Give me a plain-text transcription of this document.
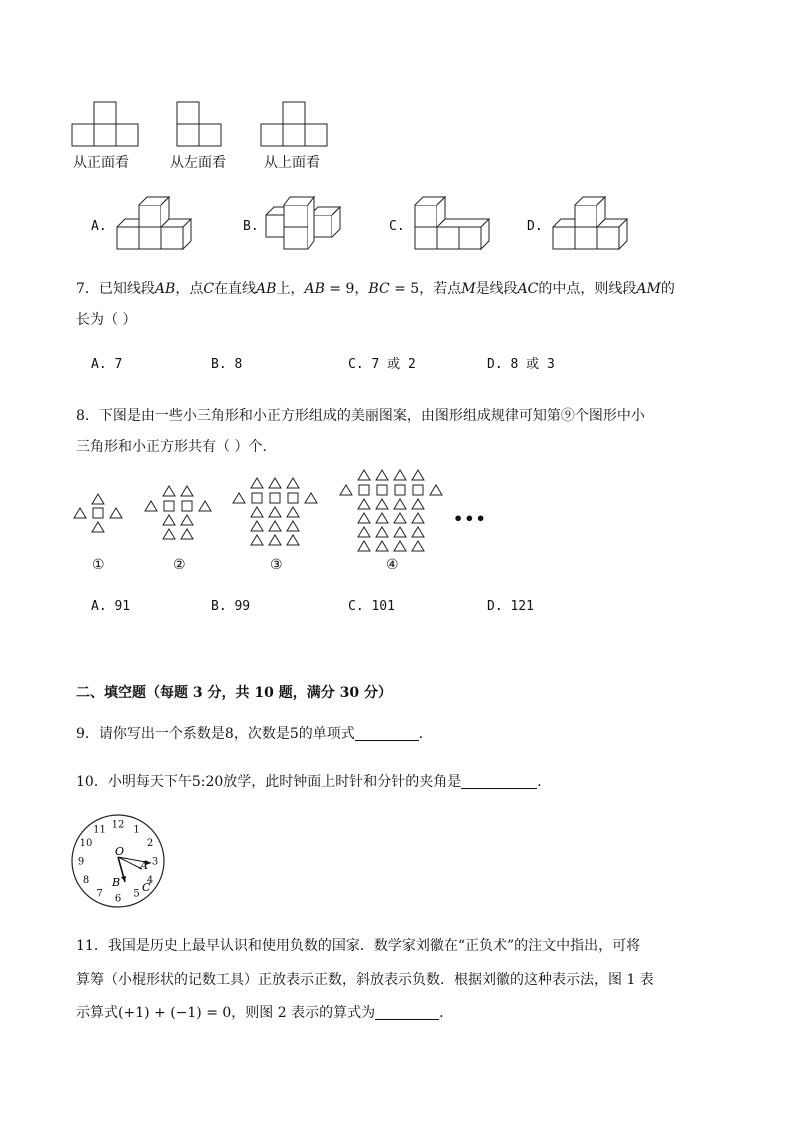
从正面看	从左面看	从上面看
A.	B.	C.	D.
7．已知线段AB，点C在直线AB上，AB = 9，BC = 5，若点M是线段AC的中点，则线段AM的
长为（ ）
A. 7	B. 8	C. 7 或 2	D. 8 或 3
8．下图是由一些小三角形和小正方形组成的美丽图案，由图形组成规律可知第⑨个图形中小
三角形和小正方形共有（ ）个．
•••
①	②	③	④
A. 91	B. 99	C. 101	D. 121
二、填空题（每题 3 分，共 10 题，满分 30 分）
9．请你写出一个系数是8，次数是5的单项式	．
10．小明每天下午5:20放学，此时钟面上时针和分针的夹角是	．
12 1
2
3
4
5
6
7
8
9
10
11
O
A
B C
11．我国是历史上最早认识和使用负数的国家．数学家刘徽在“正负术”的注文中指出，可将
算筹（小棍形状的记数工具）正放表示正数，斜放表示负数．根据刘徽的这种表示法，图 1 表
示算式(+1) + (−1) = 0，则图 2 表示的算式为	．
